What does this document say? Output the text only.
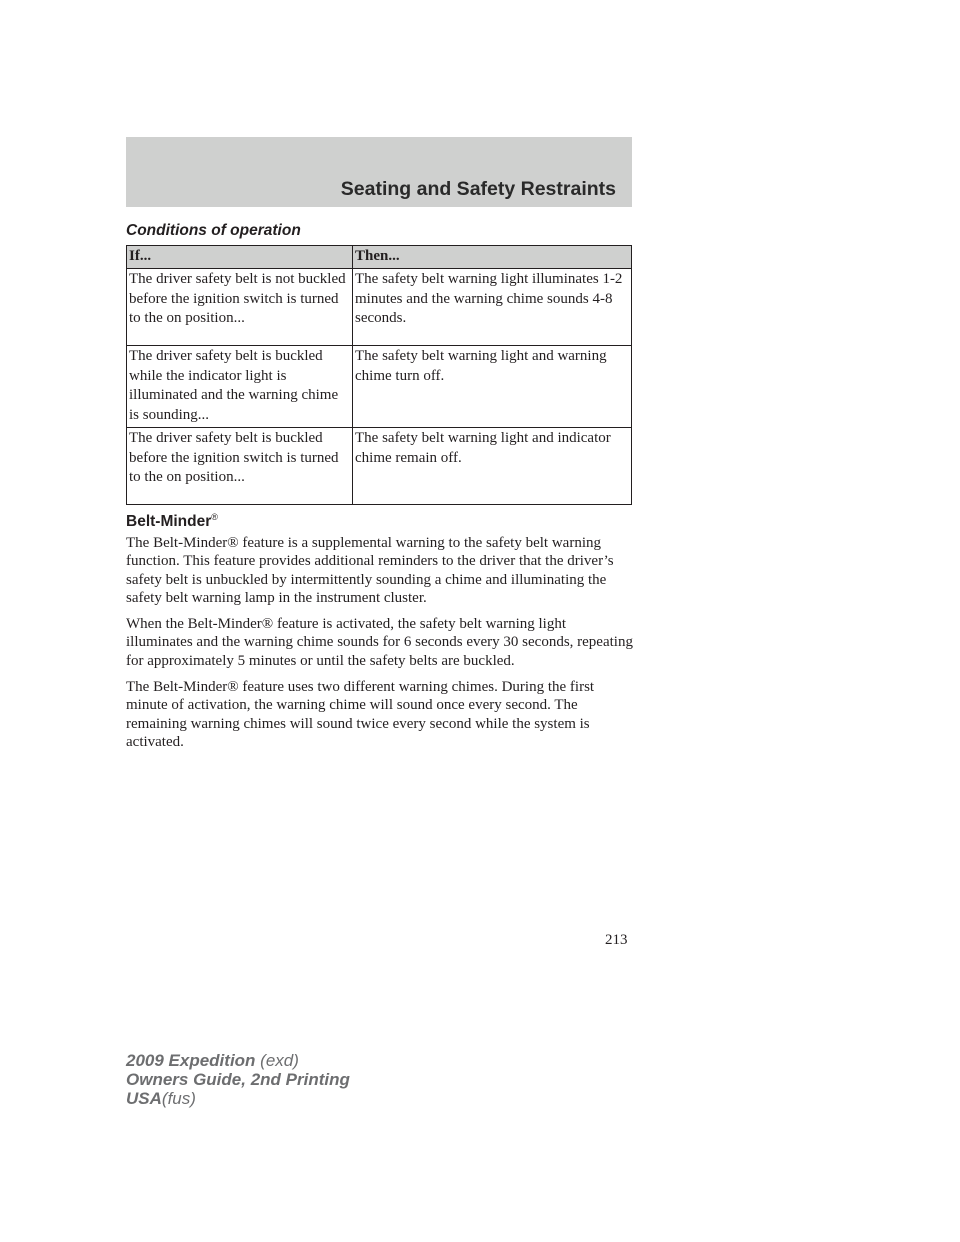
Seating and Safety Restraints
Conditions of operation
If...	Then...
The driver safety belt is not buckled before the ignition switch is turned to the on position...	The safety belt warning light illuminates 1-2 minutes and the warning chime sounds 4-8 seconds.
The driver safety belt is buckled while the indicator light is illuminated and the warning chime is sounding...	The safety belt warning light and warning chime turn off.
The driver safety belt is buckled before the ignition switch is turned to the on position...	The safety belt warning light and indicator chime remain off.
Belt-Minder®

The Belt-Minder® feature is a supplemental warning to the safety belt warning function. This feature provides additional reminders to the driver that the driver’s safety belt is unbuckled by intermittently sounding a chime and illuminating the safety belt warning lamp in the instrument cluster.

When the Belt-Minder® feature is activated, the safety belt warning light illuminates and the warning chime sounds for 6 seconds every 30 seconds, repeating for approximately 5 minutes or until the safety belts are buckled.

The Belt-Minder® feature uses two different warning chimes. During the first minute of activation, the warning chime will sound once every second. The remaining warning chimes will sound twice every second while the system is activated.

213
2009 Expedition (exd)
Owners Guide, 2nd Printing
USA(fus)
